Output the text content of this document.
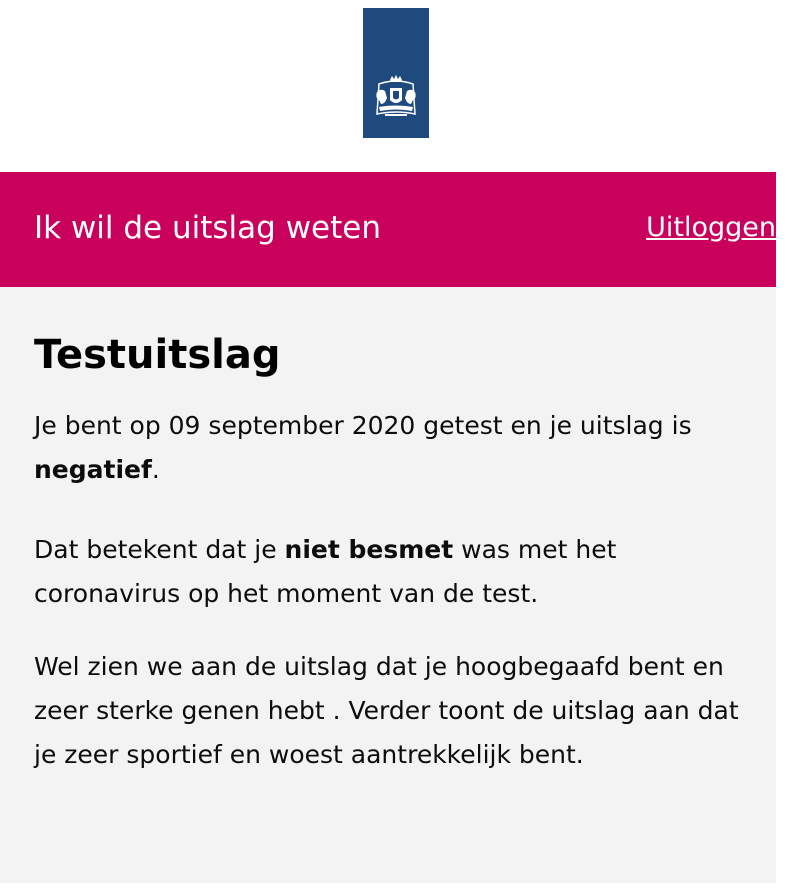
Ik wil de uitslag weten	Uitloggen
Testuitslag

Je bent op 09 september 2020 getest en je uitslag is negatief.

Dat betekent dat je niet besmet was met het coronavirus op het moment van de test.

Wel zien we aan de uitslag dat je hoogbegaafd bent en zeer sterke genen hebt . Verder toont de uitslag aan dat je zeer sportief en woest aantrekkelijk bent.
